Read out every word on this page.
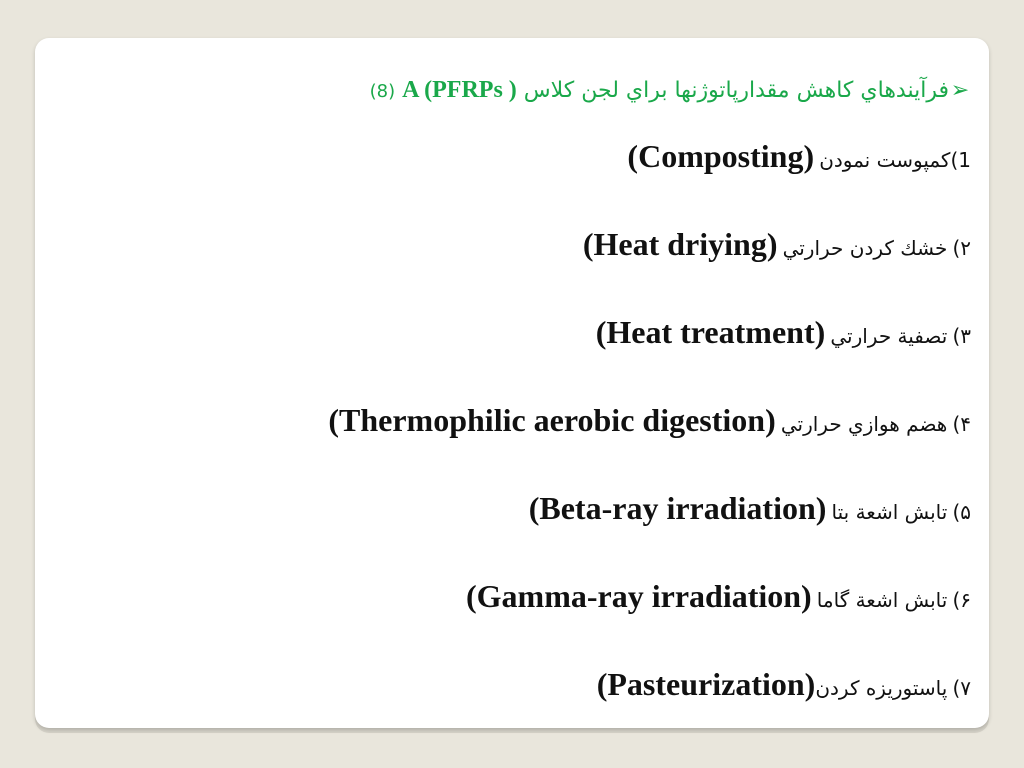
➢فرآيندهاي كاهش مقدارپاتوژنها براي لجن كلاس A (PFRPs ) (8)
1)كمپوست نمودن (Composting)
۲) خشك كردن حرارتي (Heat driying)
۳) تصفية حرارتي (Heat treatment)
۴) هضم هوازي حرارتي (Thermophilic aerobic digestion)
۵) تابش اشعة بتا (Beta-ray irradiation)
۶) تابش اشعة گاما (Gamma-ray irradiation)
۷) پاستوريزه كردن(Pasteurization)
